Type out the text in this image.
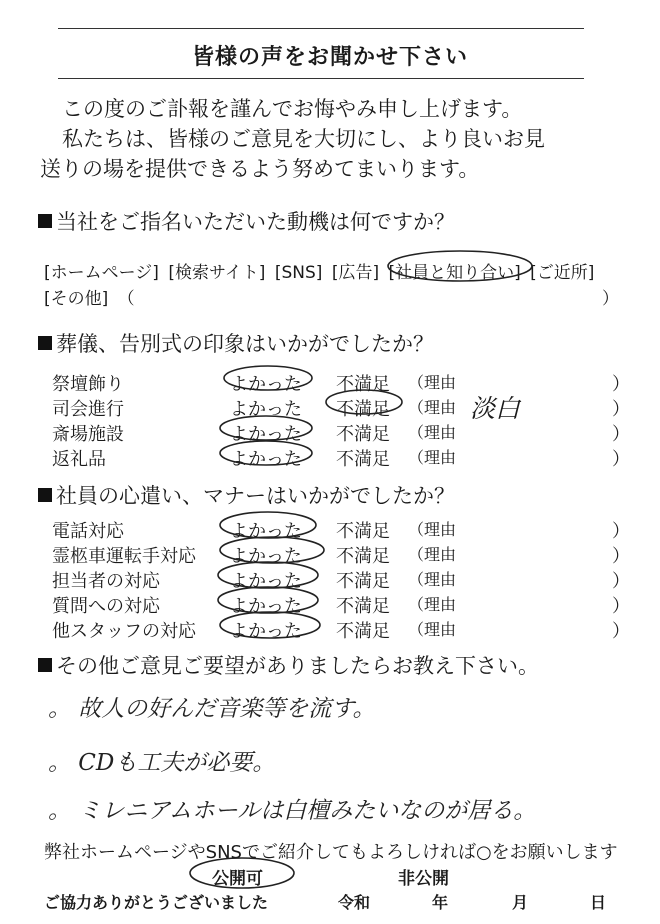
皆様の声をお聞かせ下さい
この度のご訃報を謹んでお悔やみ申し上げます。
私たちは、皆様のご意見を大切にし、より良いお見
送りの場を提供できるよう努めてまいります。
当社をご指名いただいた動機は何ですか？
[ホームページ] [検索サイト] [SNS] [広告] [社員と知り合い] [ご近所]
[その他] （	）
葬儀、告別式の印象はいかがでしたか？
祭壇飾り	よかった 不満足 （理由	）
司会進行	よかった 不満足 （理由 淡白	）
斎場施設	よかった 不満足 （理由	）
返礼品	よかった 不満足 （理由	）
社員の心遣い、マナーはいかがでしたか？
電話対応	よかった 不満足 （理由	）
霊柩車運転手対応 よかった 不満足 （理由	）
担当者の対応	よかった 不満足 （理由	）
質問への対応	よかった 不満足 （理由	）
他スタッフの対応 よかった 不満足 （理由	）
その他ご意見ご要望がありましたらお教え下さい。
。 故人の好んだ音楽等を流す。
。 CDも工夫が必要。
。 ミレニアムホールは白檀みたいなのが居る。
弊社ホームページやSNSでご紹介してもよろしければ○をお願いします
公開可	非公開
ご協力ありがとうございました	令和	年	月	日
